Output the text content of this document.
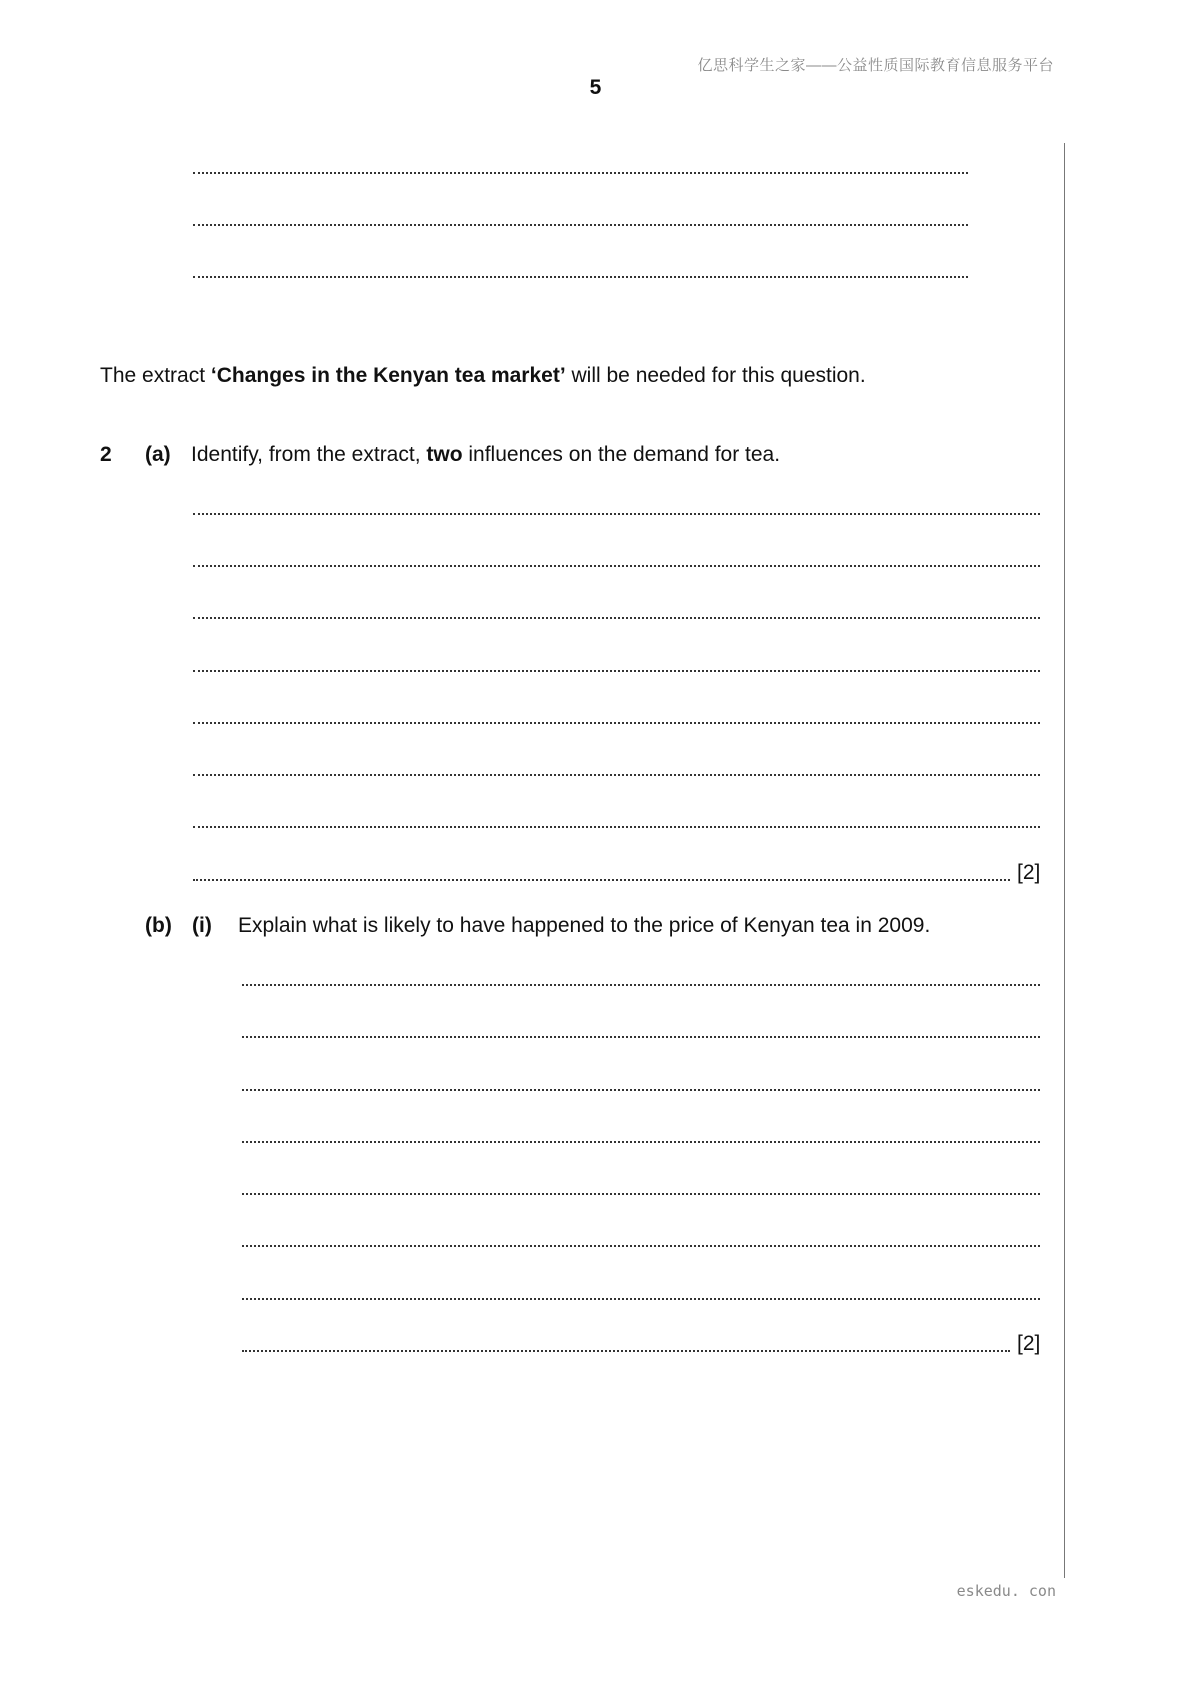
亿思科学生之家——公益性质国际教育信息服务平台
5
The extract ‘Changes in the Kenyan tea market’ will be needed for this question.
2 (a) Identify, from the extract, two influences on the demand for tea.
[2]
(b) (i) Explain what is likely to have happened to the price of Kenyan tea in 2009.
[2]
eskedu. con
